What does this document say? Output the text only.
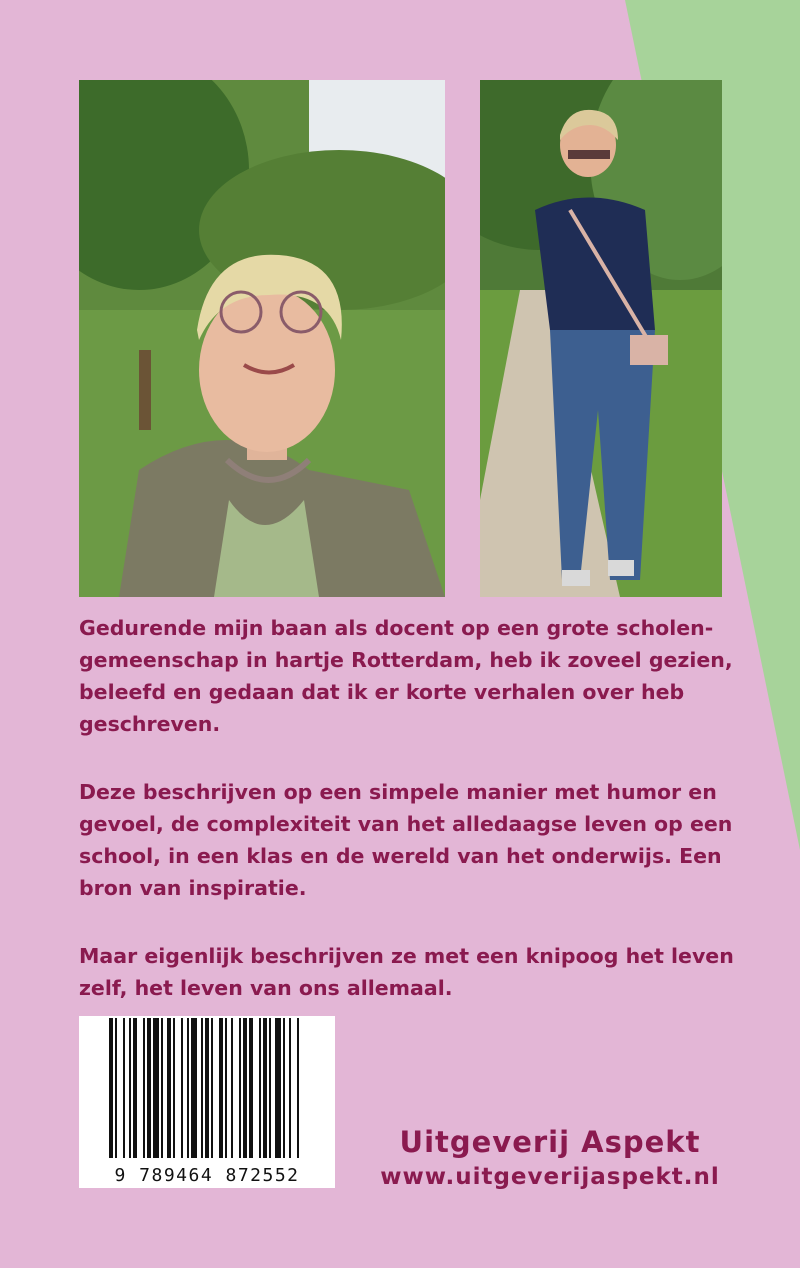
Gedurende mijn baan als docent op een grote scholen-gemeenschap in hartje Rotterdam, heb ik zoveel gezien, beleefd en gedaan dat ik er korte verhalen over heb geschreven.

Deze beschrijven op een simpele manier met humor en gevoel, de complexiteit van het alledaagse leven op een school, in een klas en de wereld van het onderwijs. Een bron van inspiratie.

Maar eigenlijk beschrijven ze met een knipoog het leven zelf, het leven van ons allemaal.

9 789464 872552
Uitgeverij Aspekt
www.uitgeverijaspekt.nl
